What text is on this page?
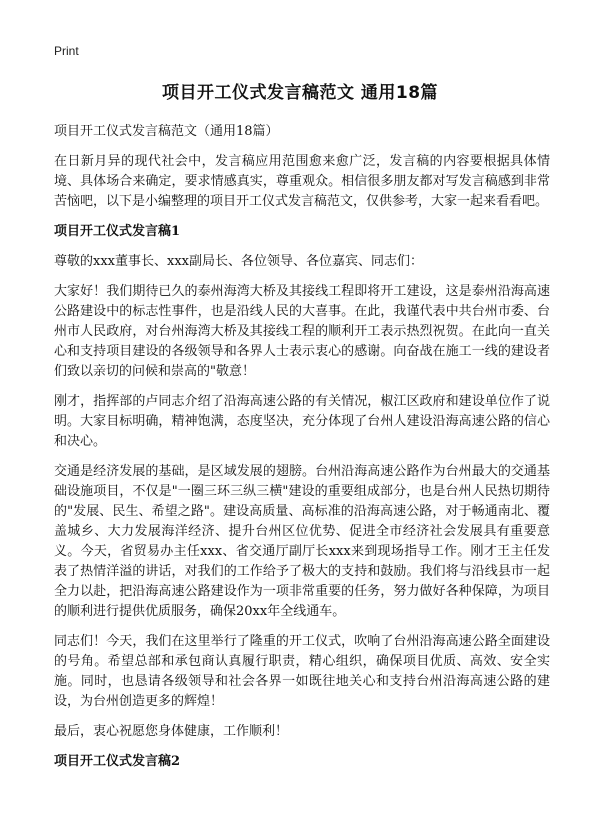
Print
项目开工仪式发言稿范文 通用18篇

项目开工仪式发言稿范文（通用18篇）

在日新月异的现代社会中，发言稿应用范围愈来愈广泛，发言稿的内容要根据具体情境、具体场合来确定，要求情感真实，尊重观众。相信很多朋友都对写发言稿感到非常苦恼吧，以下是小编整理的项目开工仪式发言稿范文，仅供参考，大家一起来看看吧。

项目开工仪式发言稿1

尊敬的xxx董事长、xxx副局长、各位领导、各位嘉宾、同志们：

大家好！我们期待已久的泰州海湾大桥及其接线工程即将开工建设，这是泰州沿海高速公路建设中的标志性事件，也是沿线人民的大喜事。在此，我谨代表中共台州市委、台州市人民政府，对台州海湾大桥及其接线工程的顺利开工表示热烈祝贺。在此向一直关心和支持项目建设的各级领导和各界人士表示衷心的感谢。向奋战在施工一线的建设者们致以亲切的问候和崇高的"敬意！

刚才，指挥部的卢同志介绍了沿海高速公路的有关情况，椒江区政府和建设单位作了说明。大家目标明确，精神饱满，态度坚决，充分体现了台州人建设沿海高速公路的信心和决心。

交通是经济发展的基础，是区域发展的翅膀。台州沿海高速公路作为台州最大的交通基础设施项目，不仅是"一圈三环三纵三横"建设的重要组成部分，也是台州人民热切期待的"发展、民生、希望之路"。建设高质量、高标准的沿海高速公路，对于畅通南北、覆盖城乡、大力发展海洋经济、提升台州区位优势、促进全市经济社会发展具有重要意义。今天，省贸易办主任xxx、省交通厅副厅长xxx来到现场指导工作。刚才王主任发表了热情洋溢的讲话，对我们的工作给予了极大的支持和鼓励。我们将与沿线县市一起全力以赴，把沿海高速公路建设作为一项非常重要的任务，努力做好各种保障，为项目的顺利进行提供优质服务，确保20xx年全线通车。

同志们！今天，我们在这里举行了隆重的开工仪式，吹响了台州沿海高速公路全面建设的号角。希望总部和承包商认真履行职责，精心组织，确保项目优质、高效、安全实施。同时，也恳请各级领导和社会各界一如既往地关心和支持台州沿海高速公路的建设，为台州创造更多的辉煌！

最后，衷心祝愿您身体健康，工作顺利！

项目开工仪式发言稿2
